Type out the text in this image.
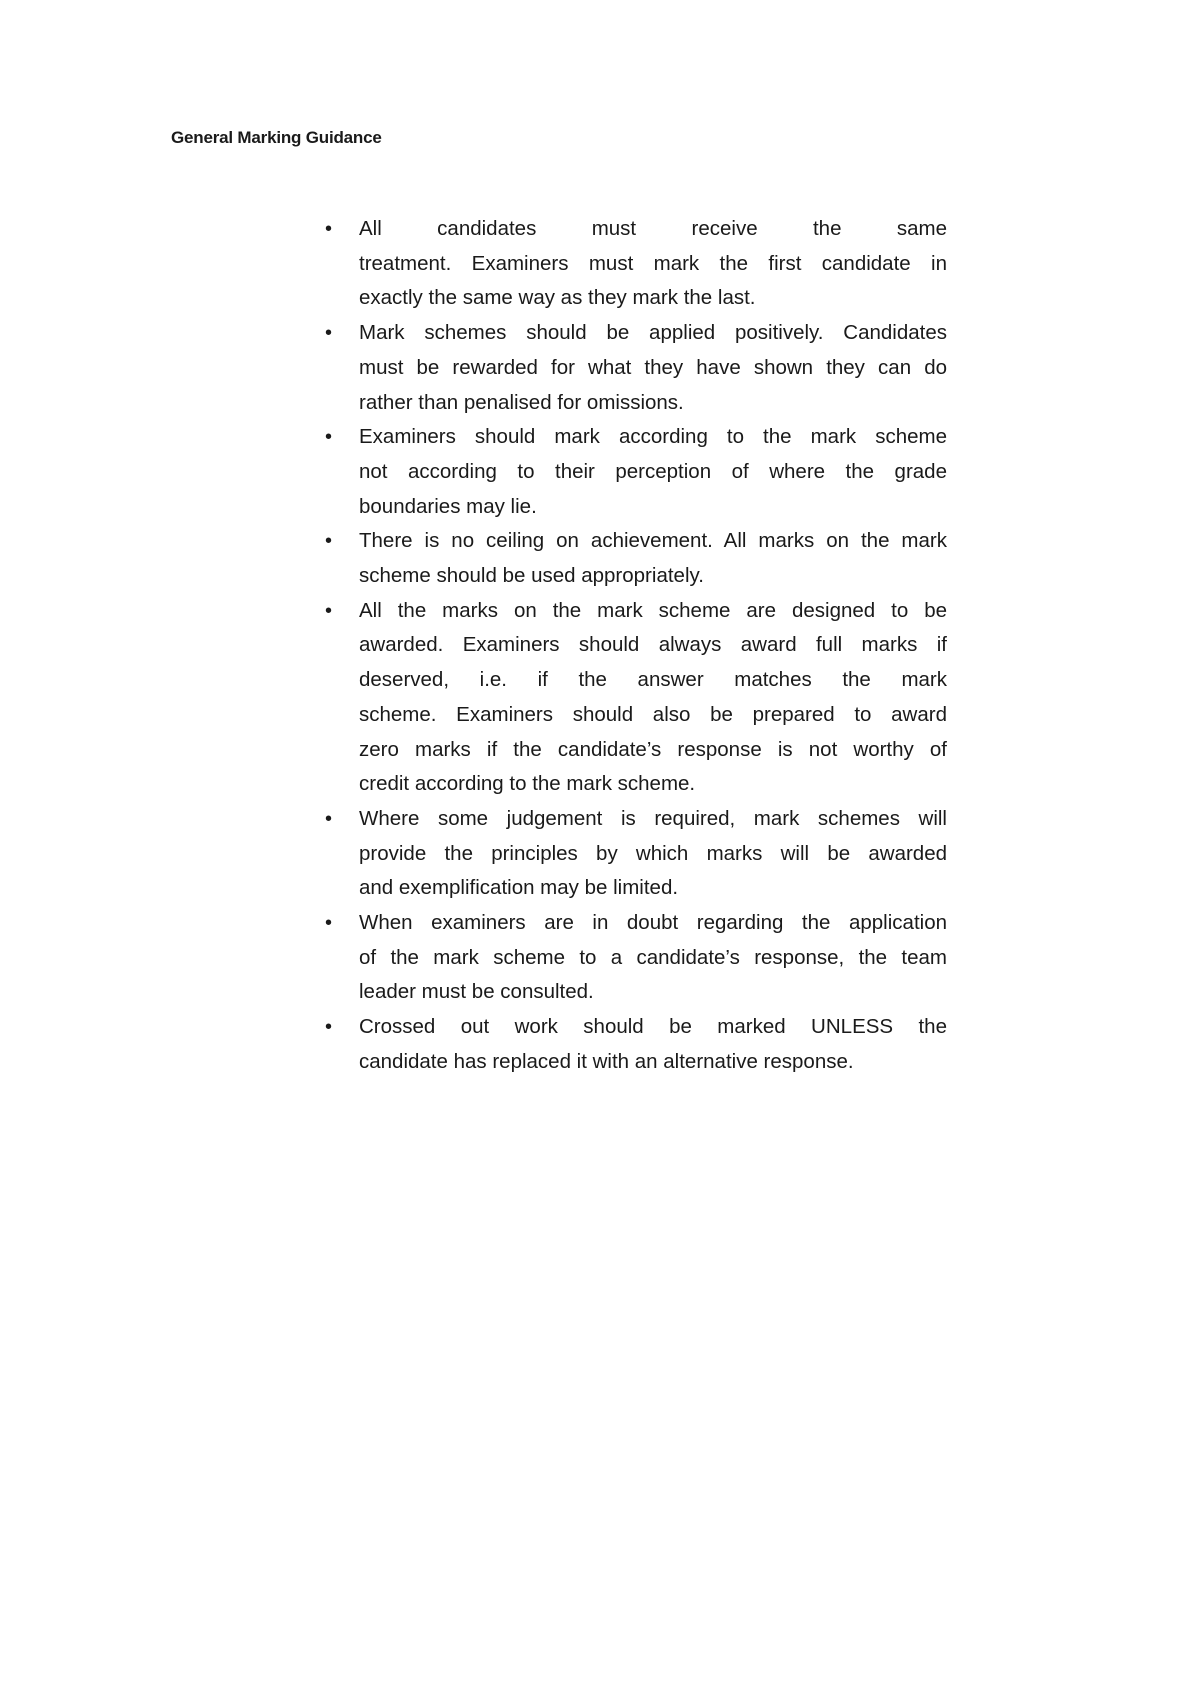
General Marking Guidance
• All candidates must receive the same
treatment. Examiners must mark the first candidate in
exactly the same way as they mark the last.
• Mark schemes should be applied positively. Candidates
must be rewarded for what they have shown they can do
rather than penalised for omissions.
• Examiners should mark according to the mark scheme
not according to their perception of where the grade
boundaries may lie.
• There is no ceiling on achievement. All marks on the mark
scheme should be used appropriately.
• All the marks on the mark scheme are designed to be
awarded. Examiners should always award full marks if
deserved, i.e. if the answer matches the mark
scheme. Examiners should also be prepared to award
zero marks if the candidate’s response is not worthy of
credit according to the mark scheme.
• Where some judgement is required, mark schemes will
provide the principles by which marks will be awarded
and exemplification may be limited.
• When examiners are in doubt regarding the application
of the mark scheme to a candidate’s response, the team
leader must be consulted.
• Crossed out work should be marked UNLESS the
candidate has replaced it with an alternative response.
